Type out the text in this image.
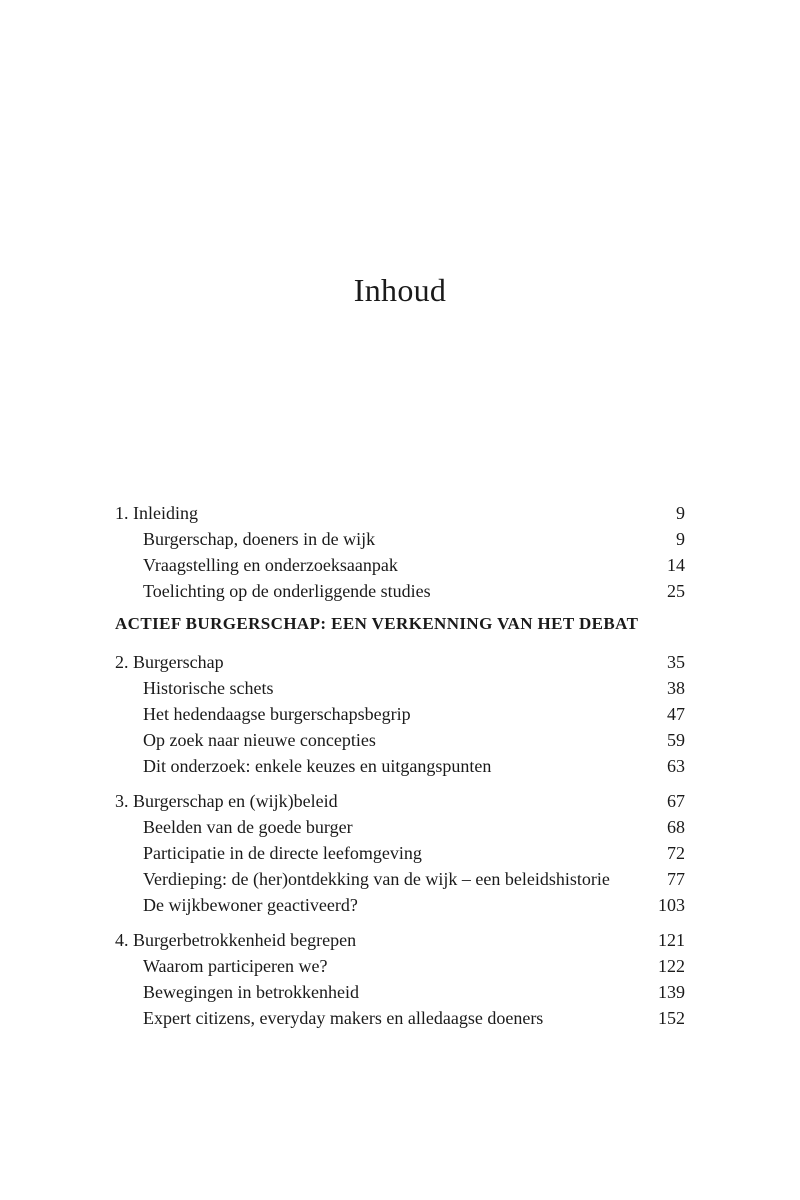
Inhoud
1. Inleiding	9
Burgerschap, doeners in de wijk	9
Vraagstelling en onderzoeksaanpak	14
Toelichting op de onderliggende studies	25
ACTIEF BURGERSCHAP: EEN VERKENNING VAN HET DEBAT
2. Burgerschap	35
Historische schets	38
Het hedendaagse burgerschapsbegrip	47
Op zoek naar nieuwe concepties	59
Dit onderzoek: enkele keuzes en uitgangspunten	63
3. Burgerschap en (wijk)beleid	67
Beelden van de goede burger	68
Participatie in de directe leefomgeving	72
Verdieping: de (her)ontdekking van de wijk – een beleidshistorie	77
De wijkbewoner geactiveerd?	103
4. Burgerbetrokkenheid begrepen	121
Waarom participeren we?	122
Bewegingen in betrokkenheid	139
Expert citizens, everyday makers en alledaagse doeners	152
